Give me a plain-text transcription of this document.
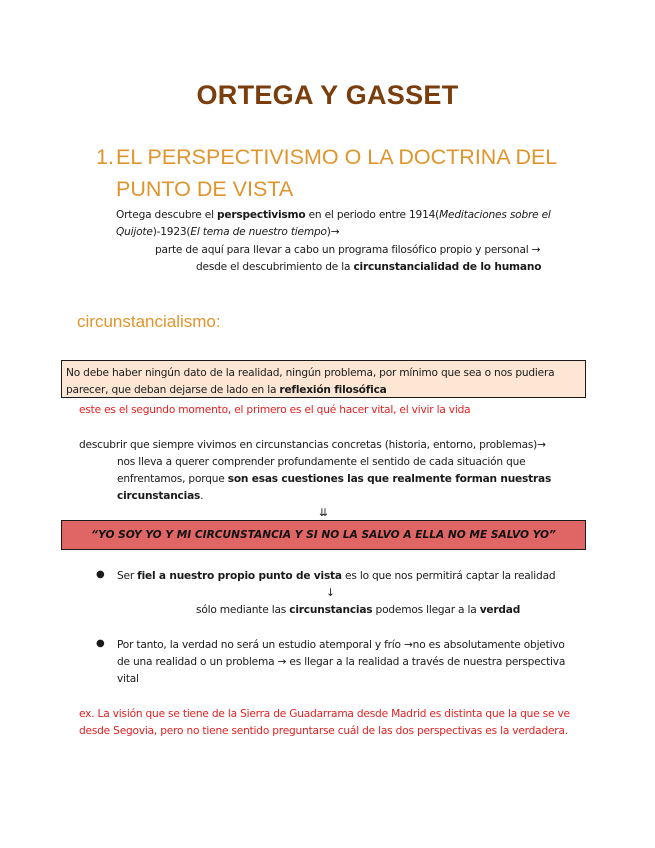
ORTEGA Y GASSET
1.EL PERSPECTIVISMO O LA DOCTRINA DEL
PUNTO DE VISTA
Ortega descubre el perspectivismo en el periodo entre 1914(Meditaciones sobre el
Quijote)-1923(El tema de nuestro tiempo)→
parte de aquí para llevar a cabo un programa filosófico propio y personal →
desde el descubrimiento de la circunstancialidad de lo humano
circunstancialismo:
No debe haber ningún dato de la realidad, ningún problema, por mínimo que sea o nos pudiera
parecer, que deban dejarse de lado en la reflexión filosófica
este es el segundo momento, el primero es el qué hacer vital, el vivir la vida
descubrir que siempre vivimos en circunstancias concretas (historia, entorno, problemas)→
nos lleva a querer comprender profundamente el sentido de cada situación que
enfrentamos, porque son esas cuestiones las que realmente forman nuestras
circunstancias.
⇊
“YO SOY YO Y MI CIRCUNSTANCIA Y SI NO LA SALVO A ELLA NO ME SALVO YO”
● Ser fiel a nuestro propio punto de vista es lo que nos permitirá captar la realidad
↓
sólo mediante las circunstancias podemos llegar a la verdad
● Por tanto, la verdad no será un estudio atemporal y frío →no es absolutamente objetivo
de una realidad o un problema → es llegar a la realidad a través de nuestra perspectiva
vital
ex. La visión que se tiene de la Sierra de Guadarrama desde Madrid es distinta que la que se ve
desde Segovia, pero no tiene sentido preguntarse cuál de las dos perspectivas es la verdadera.
